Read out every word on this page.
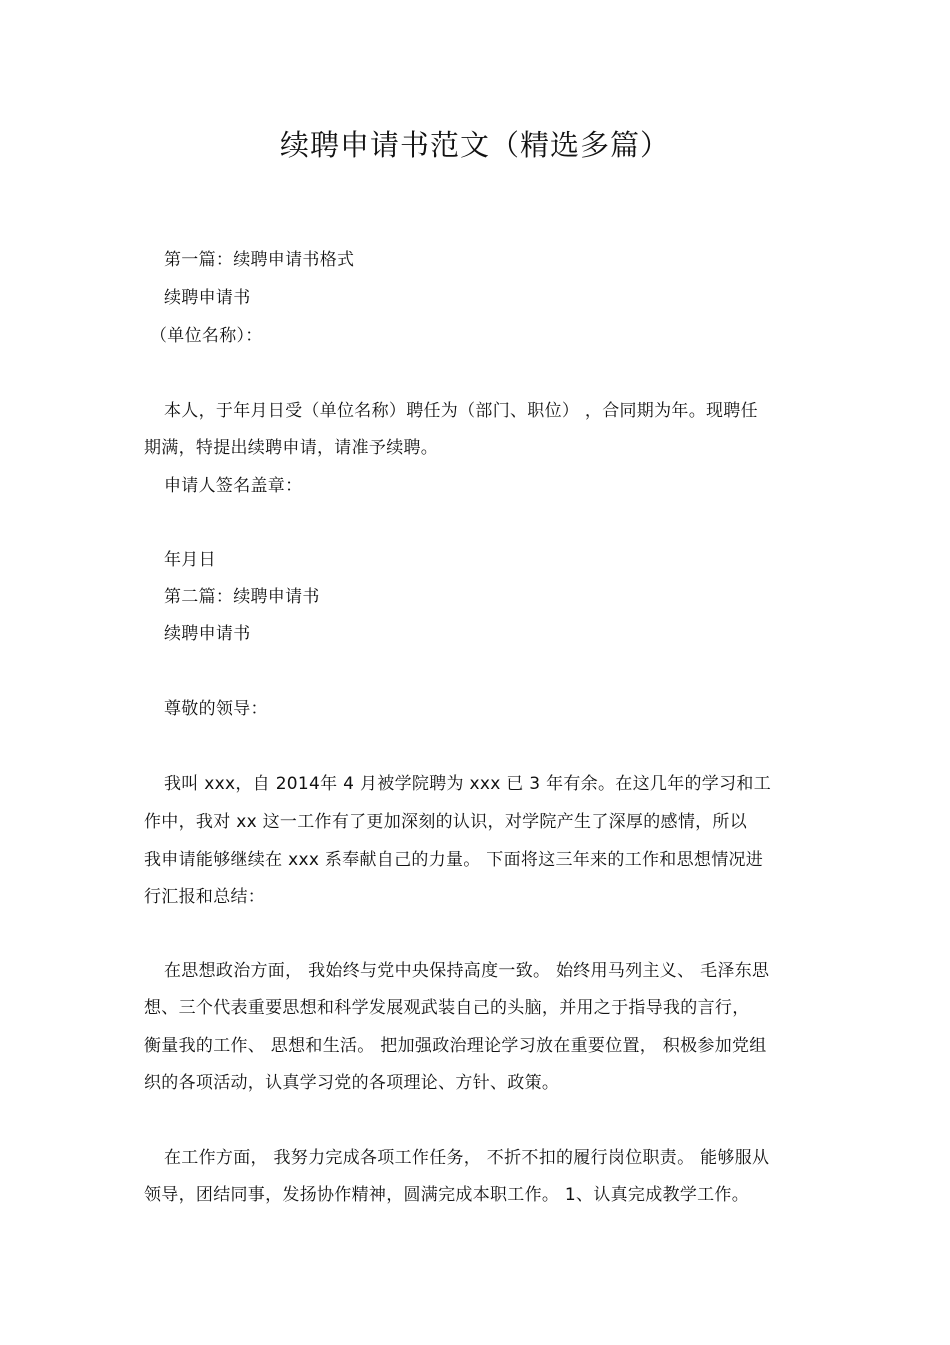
续聘申请书范文（精选多篇）
第一篇：续聘申请书格式
续聘申请书
（单位名称）：
本人，于年月日受（单位名称）聘任为（部门、职位） ，合同期为年。现聘任
期满，特提出续聘申请，请准予续聘。
申请人签名盖章：
年月日
第二篇：续聘申请书
续聘申请书
尊敬的领导：
我叫 xxx，自 2014年 4 月被学院聘为 xxx 已 3 年有余。在这几年的学习和工
作中，我对 xx 这一工作有了更加深刻的认识，对学院产生了深厚的感情，所以
我申请能够继续在 xxx 系奉献自己的力量。 下面将这三年来的工作和思想情况进
行汇报和总结：
在思想政治方面， 我始终与党中央保持高度一致。 始终用马列主义、 毛泽东思
想、三个代表重要思想和科学发展观武装自己的头脑，并用之于指导我的言行，
衡量我的工作、 思想和生活。 把加强政治理论学习放在重要位置， 积极参加党组
织的各项活动，认真学习党的各项理论、方针、政策。
在工作方面， 我努力完成各项工作任务， 不折不扣的履行岗位职责。 能够服从
领导，团结同事，发扬协作精神，圆满完成本职工作。 1、认真完成教学工作。
